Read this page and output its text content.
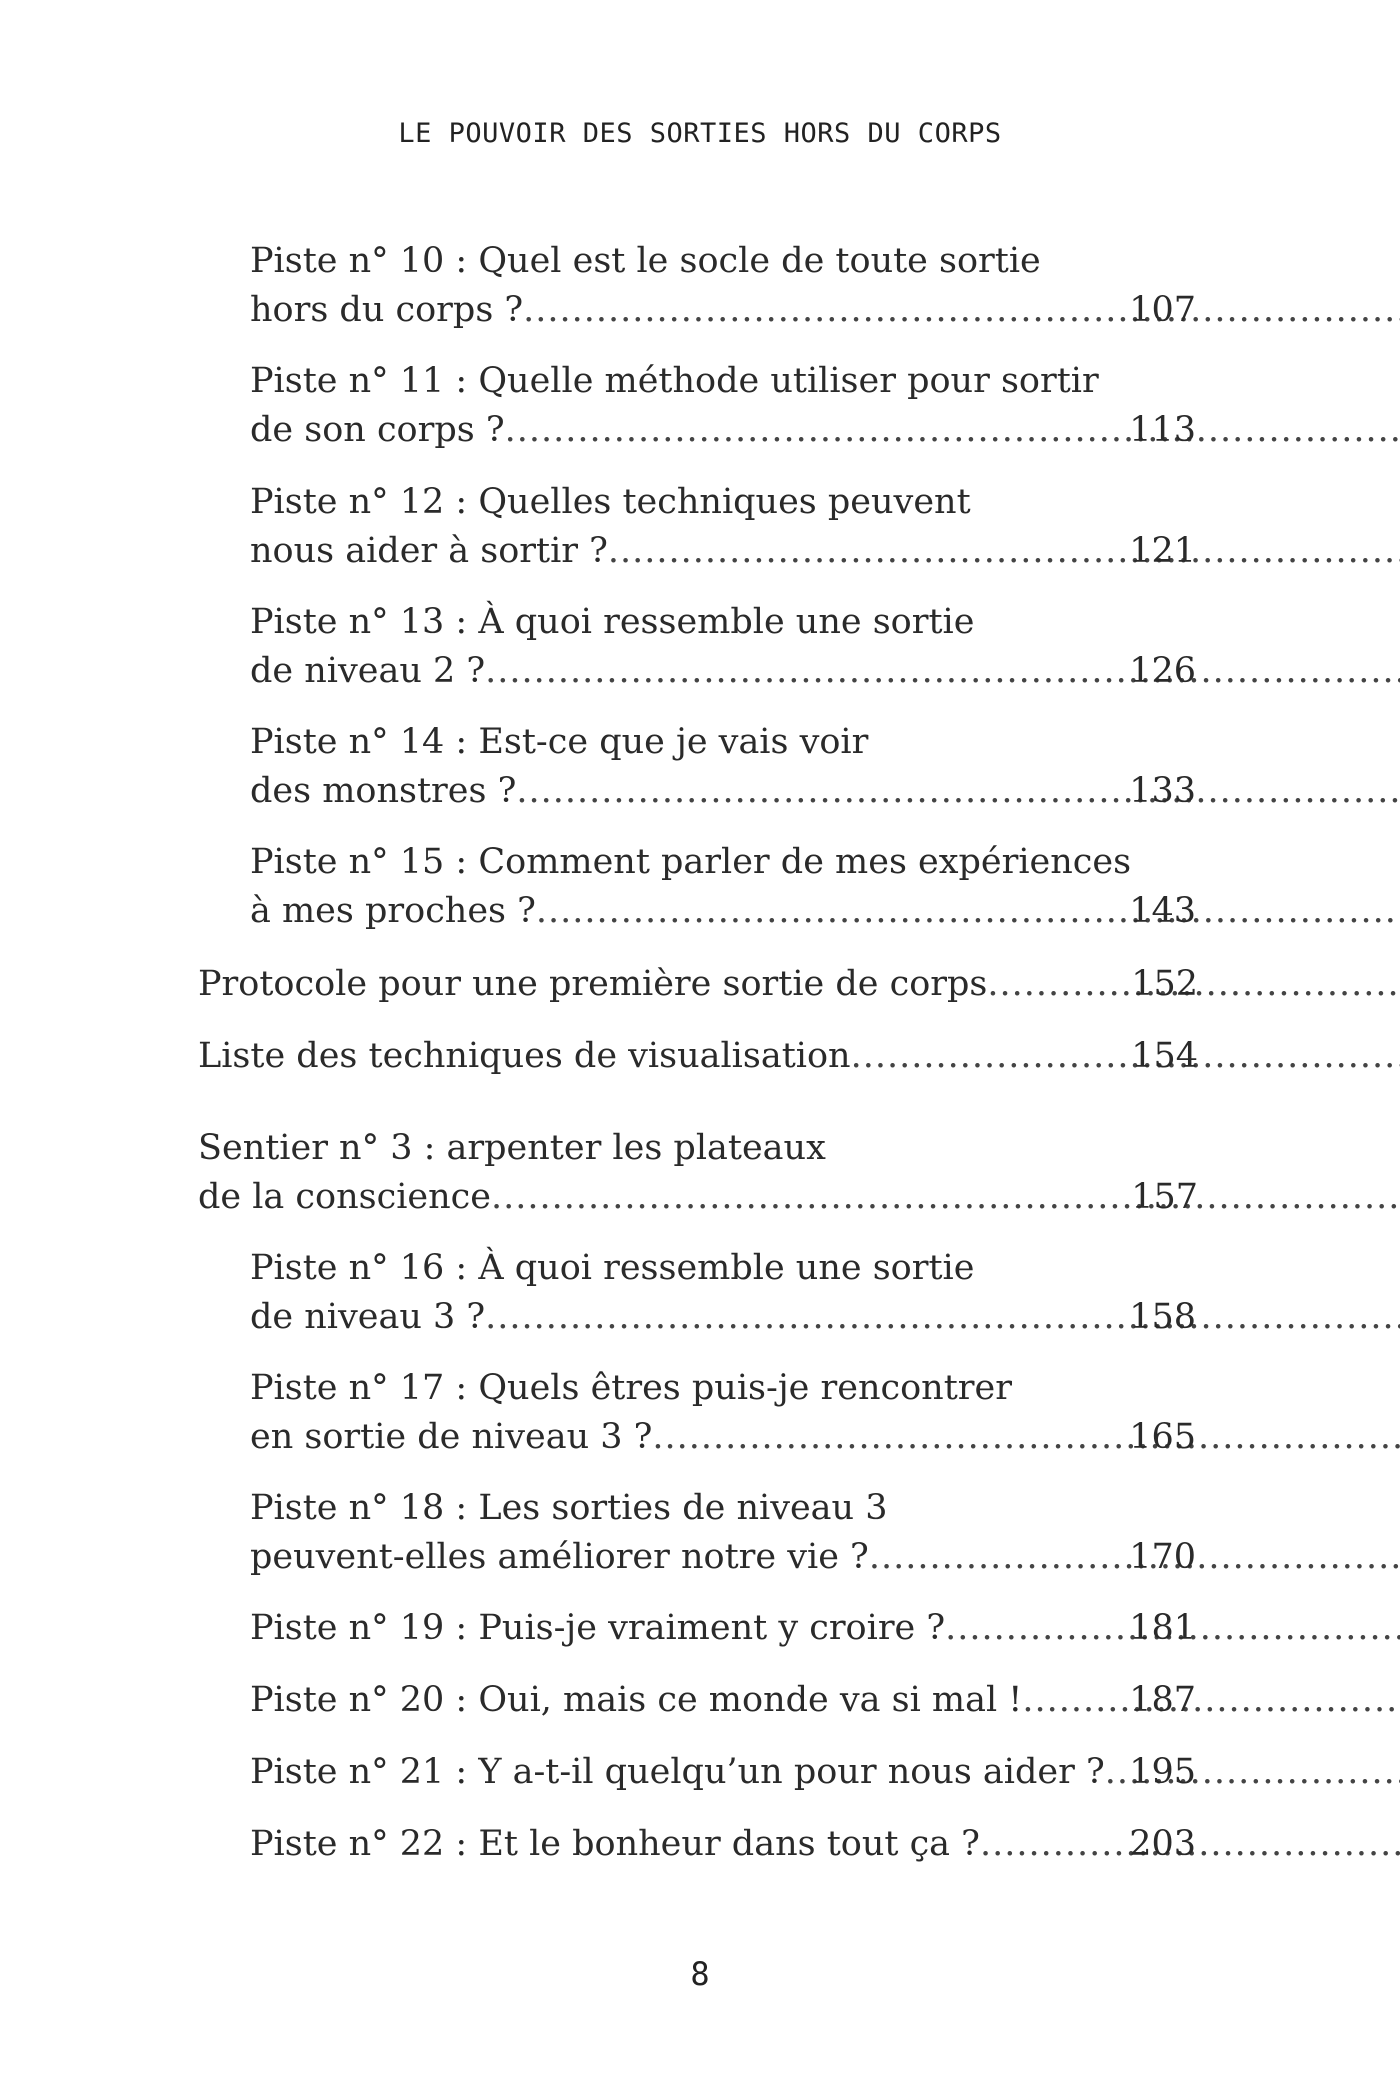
LE POUVOIR DES SORTIES HORS DU CORPS
Piste n° 10 : Quel est le socle de toute sortie
hors du corps ? .....	107
Piste n° 11 : Quelle méthode utiliser pour sortir
de son corps ? .....	113
Piste n° 12 : Quelles techniques peuvent
nous aider à sortir ? .....	121
Piste n° 13 : À quoi ressemble une sortie
de niveau 2 ? .....	126
Piste n° 14 : Est-ce que je vais voir
des monstres ? .....	133
Piste n° 15 : Comment parler de mes expériences
à mes proches ? .....	143
Protocole pour une première sortie de corps .....	152
Liste des techniques de visualisation .....	154
Sentier n° 3 : arpenter les plateaux
de la conscience .....	157
Piste n° 16 : À quoi ressemble une sortie
de niveau 3 ? .....	158
Piste n° 17 : Quels êtres puis-je rencontrer
en sortie de niveau 3 ? .....	165
Piste n° 18 : Les sorties de niveau 3
peuvent-elles améliorer notre vie ? .....	170
Piste n° 19 : Puis-je vraiment y croire ? .....	181
Piste n° 20 : Oui, mais ce monde va si mal ! .....	187
Piste n° 21 : Y a-t-il quelqu’un pour nous aider ? ..... 195
Piste n° 22 : Et le bonheur dans tout ça ? .....	203
8
